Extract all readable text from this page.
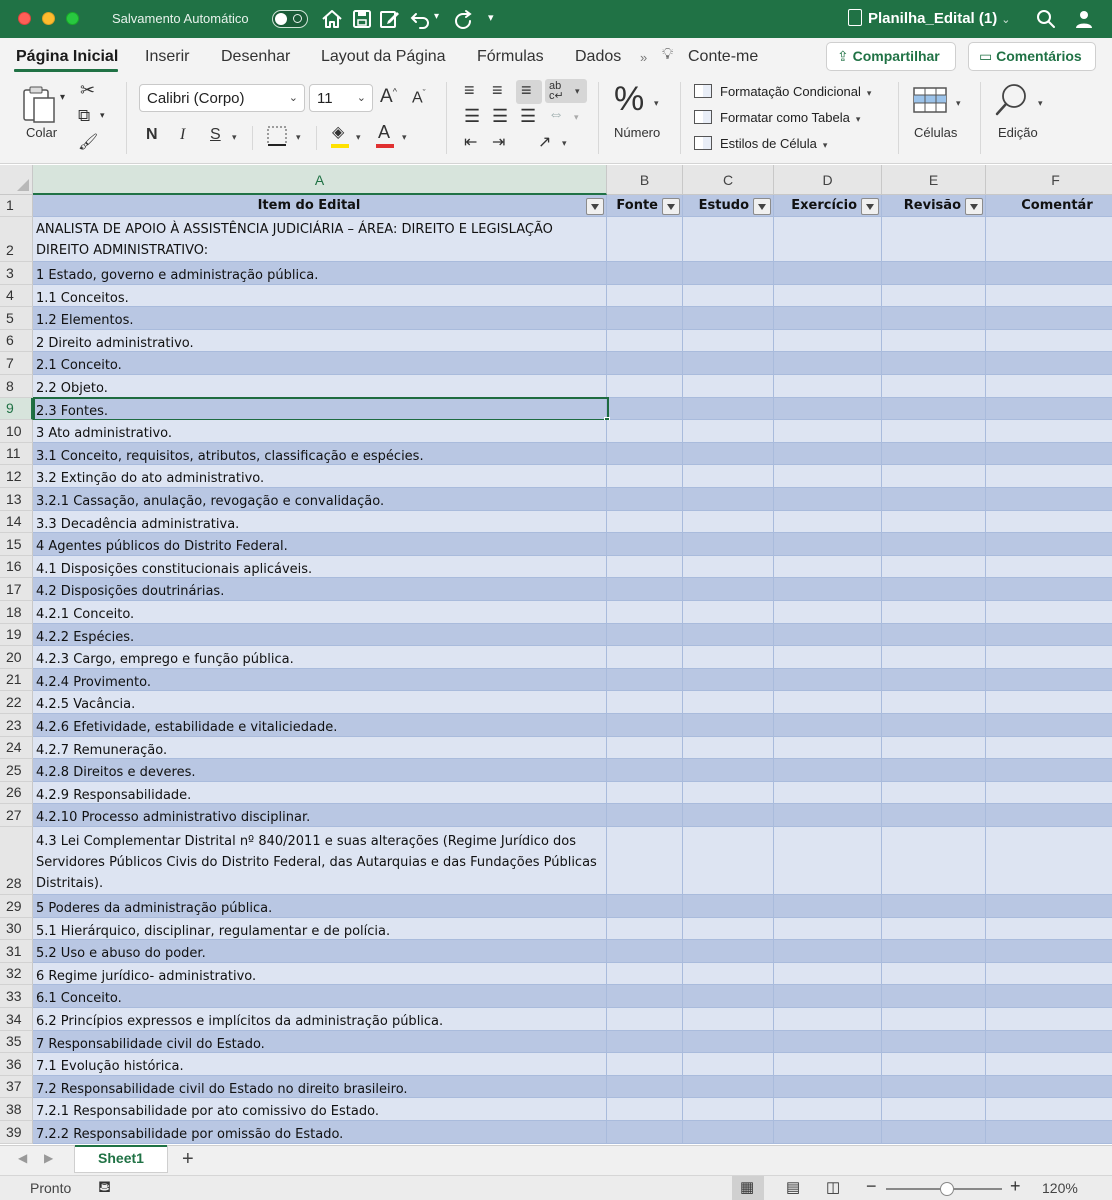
Salvamento Automático	▾	▾	Planilha_Edital (1) ⌄
Página Inicial Inserir Desenhar Layout da Página Fórmulas Dados » 💡︎ Conte-me	⇪ Compartilhar	▭ Comentários
▾
Colar
✂
⧉ ▾
🖌︎
Calibri (Corpo)	⌄	11 ⌄ A^ $A^ˇ$
N I S ▾	▾ ◈ ▾ A ▾
≡ ≡ ≡ ab
c↵ ▾
☰ ☰ ☰ ⇔ ▾
⇤ ⇥ ↗ ▾
% ▾
Número
Formatação Condicional ▾
Formatar como Tabela ▾
Estilos de Célula ▾
▾
Células
▾
Edição
A	B	C	D	E	F
1	Item do Edital	Fonte	Estudo	Exercício	Revisão	Comentár
2
ANALISTA DE APOIO À ASSISTÊNCIA JUDICIÁRIA – ÁREA: DIREITO E LEGISLAÇÃO DIREITO ADMINISTRATIVO:
3	1 Estado, governo e administração pública.
4	1.1 Conceitos.
5	1.2 Elementos.
6	2 Direito administrativo.
7	2.1 Conceito.
8	2.2 Objeto.
9	2.3 Fontes.
10	3 Ato administrativo.
11	3.1 Conceito, requisitos, atributos, classificação e espécies.
12	3.2 Extinção do ato administrativo.
13	3.2.1 Cassação, anulação, revogação e convalidação.
14	3.3 Decadência administrativa.
15	4 Agentes públicos do Distrito Federal.
16	4.1 Disposições constitucionais aplicáveis.
17	4.2 Disposições doutrinárias.
18	4.2.1 Conceito.
19	4.2.2 Espécies.
20	4.2.3 Cargo, emprego e função pública.
21	4.2.4 Provimento.
22	4.2.5 Vacância.
23	4.2.6 Efetividade, estabilidade e vitaliciedade.
24	4.2.7 Remuneração.
25	4.2.8 Direitos e deveres.
26	4.2.9 Responsabilidade.
27	4.2.10 Processo administrativo disciplinar.
28
4.3 Lei Complementar Distrital nº 840/2011 e suas alterações (Regime Jurídico dos Servidores Públicos Civis do Distrito Federal, das Autarquias e das Fundações Públicas Distritais).
29	5 Poderes da administração pública.
30	5.1 Hierárquico, disciplinar, regulamentar e de polícia.
31	5.2 Uso e abuso do poder.
32	6 Regime jurídico- administrativo.
33	6.1 Conceito.
34	6.2 Princípios expressos e implícitos da administração pública.
35	7 Responsabilidade civil do Estado.
36	7.1 Evolução histórica.
37	7.2 Responsabilidade civil do Estado no direito brasileiro.
38	7.2.1 Responsabilidade por ato comissivo do Estado.
39	7.2.2 Responsabilidade por omissão do Estado.
◀ ▶	Sheet1	+
Pronto ⛾	▦ ▤ ◫ −	+ 120%
